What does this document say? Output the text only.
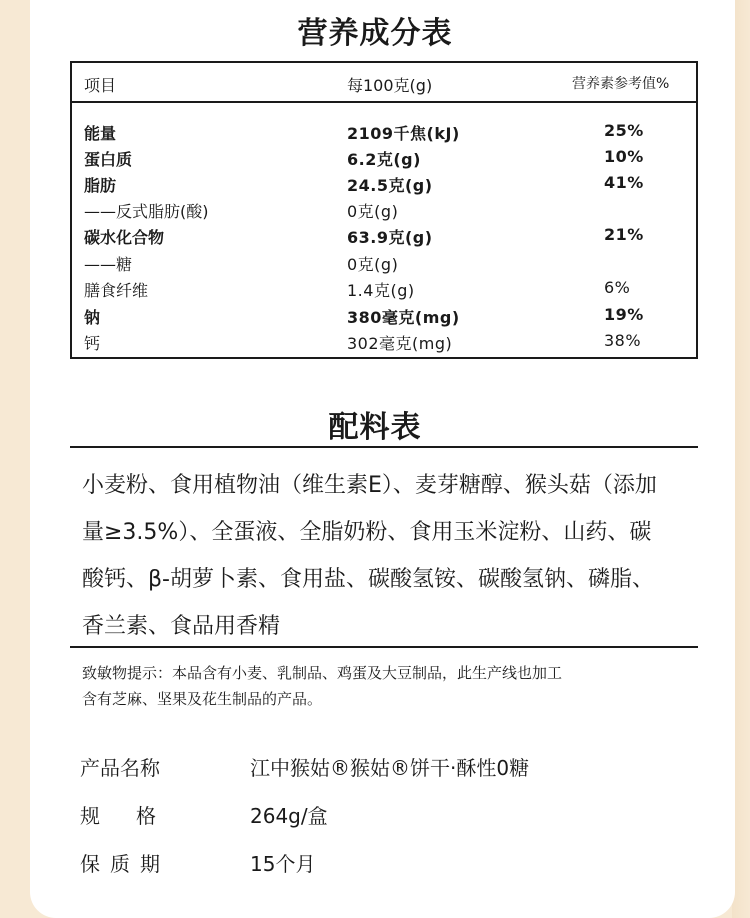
营养成分表
项目	每100克(g)	营养素参考值%
能量	2109千焦(kJ)	25%
蛋白质	6.2克(g)	10%
脂肪	24.5克(g)	41%
——反式脂肪(酸)	0克(g)
碳水化合物	63.9克(g)	21%
——糖	0克(g)
膳食纤维	1.4克(g)	6%
钠	380毫克(mg)	19%
钙	302毫克(mg)	38%
配料表
小麦粉、食用植物油（维生素E）、麦芽糖醇、猴头菇（添加
量≥3.5%）、全蛋液、全脂奶粉、食用玉米淀粉、山药、碳
酸钙、β-胡萝卜素、食用盐、碳酸氢铵、碳酸氢钠、磷脂、
香兰素、食品用香精
致敏物提示：本品含有小麦、乳制品、鸡蛋及大豆制品，此生产线也加工
含有芝麻、坚果及花生制品的产品。
产品名称	江中猴姑®猴姑®饼干·酥性0糖
规格	264g/盒
保质期	15个月
